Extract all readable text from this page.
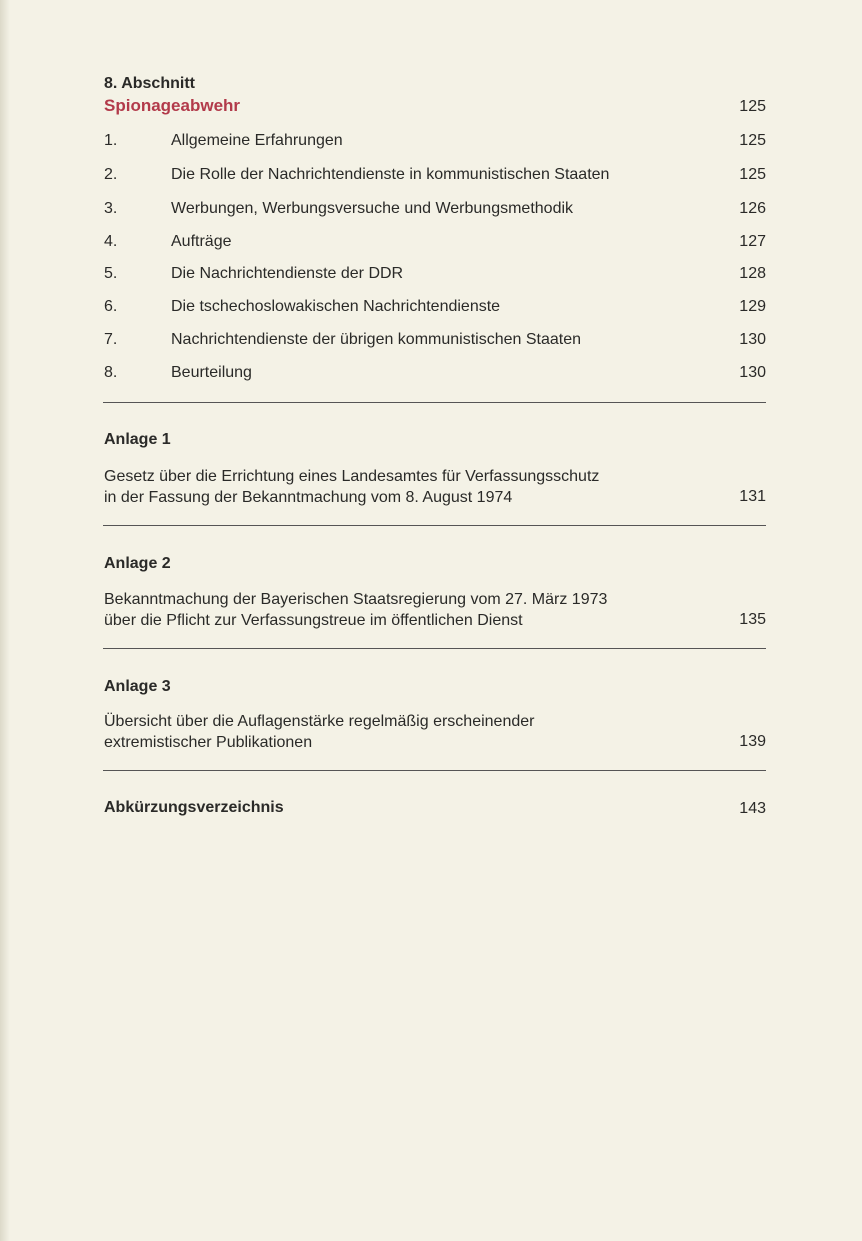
8. Abschnitt
Spionageabwehr	125
1.	Allgemeine Erfahrungen	125
2.	Die Rolle der Nachrichtendienste in kommunistischen Staaten	125
3.	Werbungen, Werbungsversuche und Werbungsmethodik	126
4.	Aufträge	127
5.	Die Nachrichtendienste der DDR	128
6.	Die tschechoslowakischen Nachrichtendienste	129
7.	Nachrichtendienste der übrigen kommunistischen Staaten	130
8.	Beurteilung	130
Anlage 1
Gesetz über die Errichtung eines Landesamtes für Verfassungsschutz
in der Fassung der Bekanntmachung vom 8. August 1974	131
Anlage 2
Bekanntmachung der Bayerischen Staatsregierung vom 27. März 1973
über die Pflicht zur Verfassungstreue im öffentlichen Dienst	135
Anlage 3
Übersicht über die Auflagenstärke regelmäßig erscheinender
extremistischer Publikationen	139
Abkürzungsverzeichnis	143
